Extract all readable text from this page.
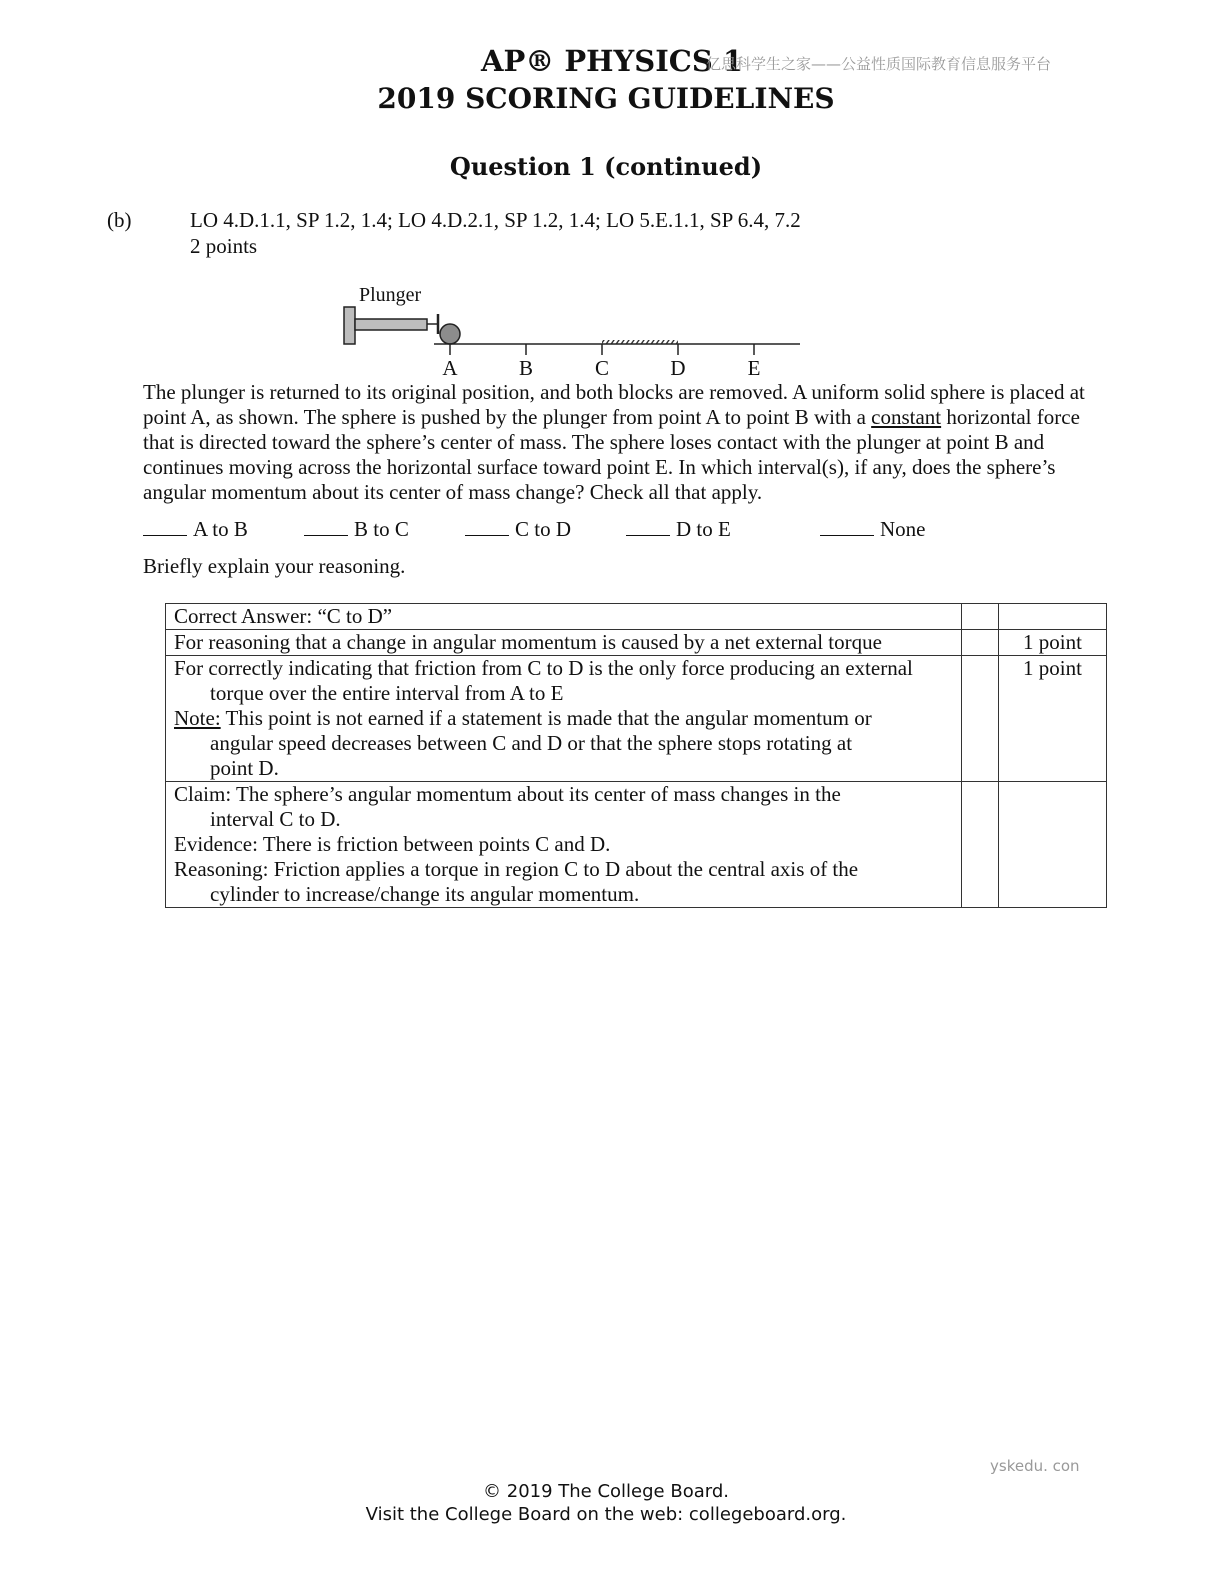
AP® PHYSICS 1
亿思科学生之家——公益性质国际教育信息服务平台
2019 SCORING GUIDELINES
Question 1 (continued)
(b)	LO 4.D.1.1, SP 1.2, 1.4; LO 4.D.2.1, SP 1.2, 1.4; LO 5.E.1.1, SP 6.4, 7.2
2 points
Plunger
A	B	C	D	E
The plunger is returned to its original position, and both blocks are removed. A uniform solid sphere is placed at point A, as shown. The sphere is pushed by the plunger from point A to point B with a constant horizontal force that is directed toward the sphere’s center of mass. The sphere loses contact with the plunger at point B and continues moving across the horizontal surface toward point E. In which interval(s), if any, does the sphere’s angular momentum about its center of mass change? Check all that apply.
A to B	B to C	C to D	D to E	None
Briefly explain your reasoning.
Correct Answer: “C to D”		
For reasoning that a change in angular momentum is caused by a net external torque		1 point

For correctly indicating that friction from C to D is the only force producing an external
torque over the entire interval from A to E
Note: This point is not earned if a statement is made that the angular momentum or
angular speed decreases between C and D or that the sphere stops rotating at
point D.		1 point

Claim: The sphere’s angular momentum about its center of mass changes in the
interval C to D.
Evidence: There is friction between points C and D.
Reasoning: Friction applies a torque in region C to D about the central axis of the
cylinder to increase/change its angular momentum.		

yskedu. con
© 2019 The College Board.
Visit the College Board on the web: collegeboard.org.
